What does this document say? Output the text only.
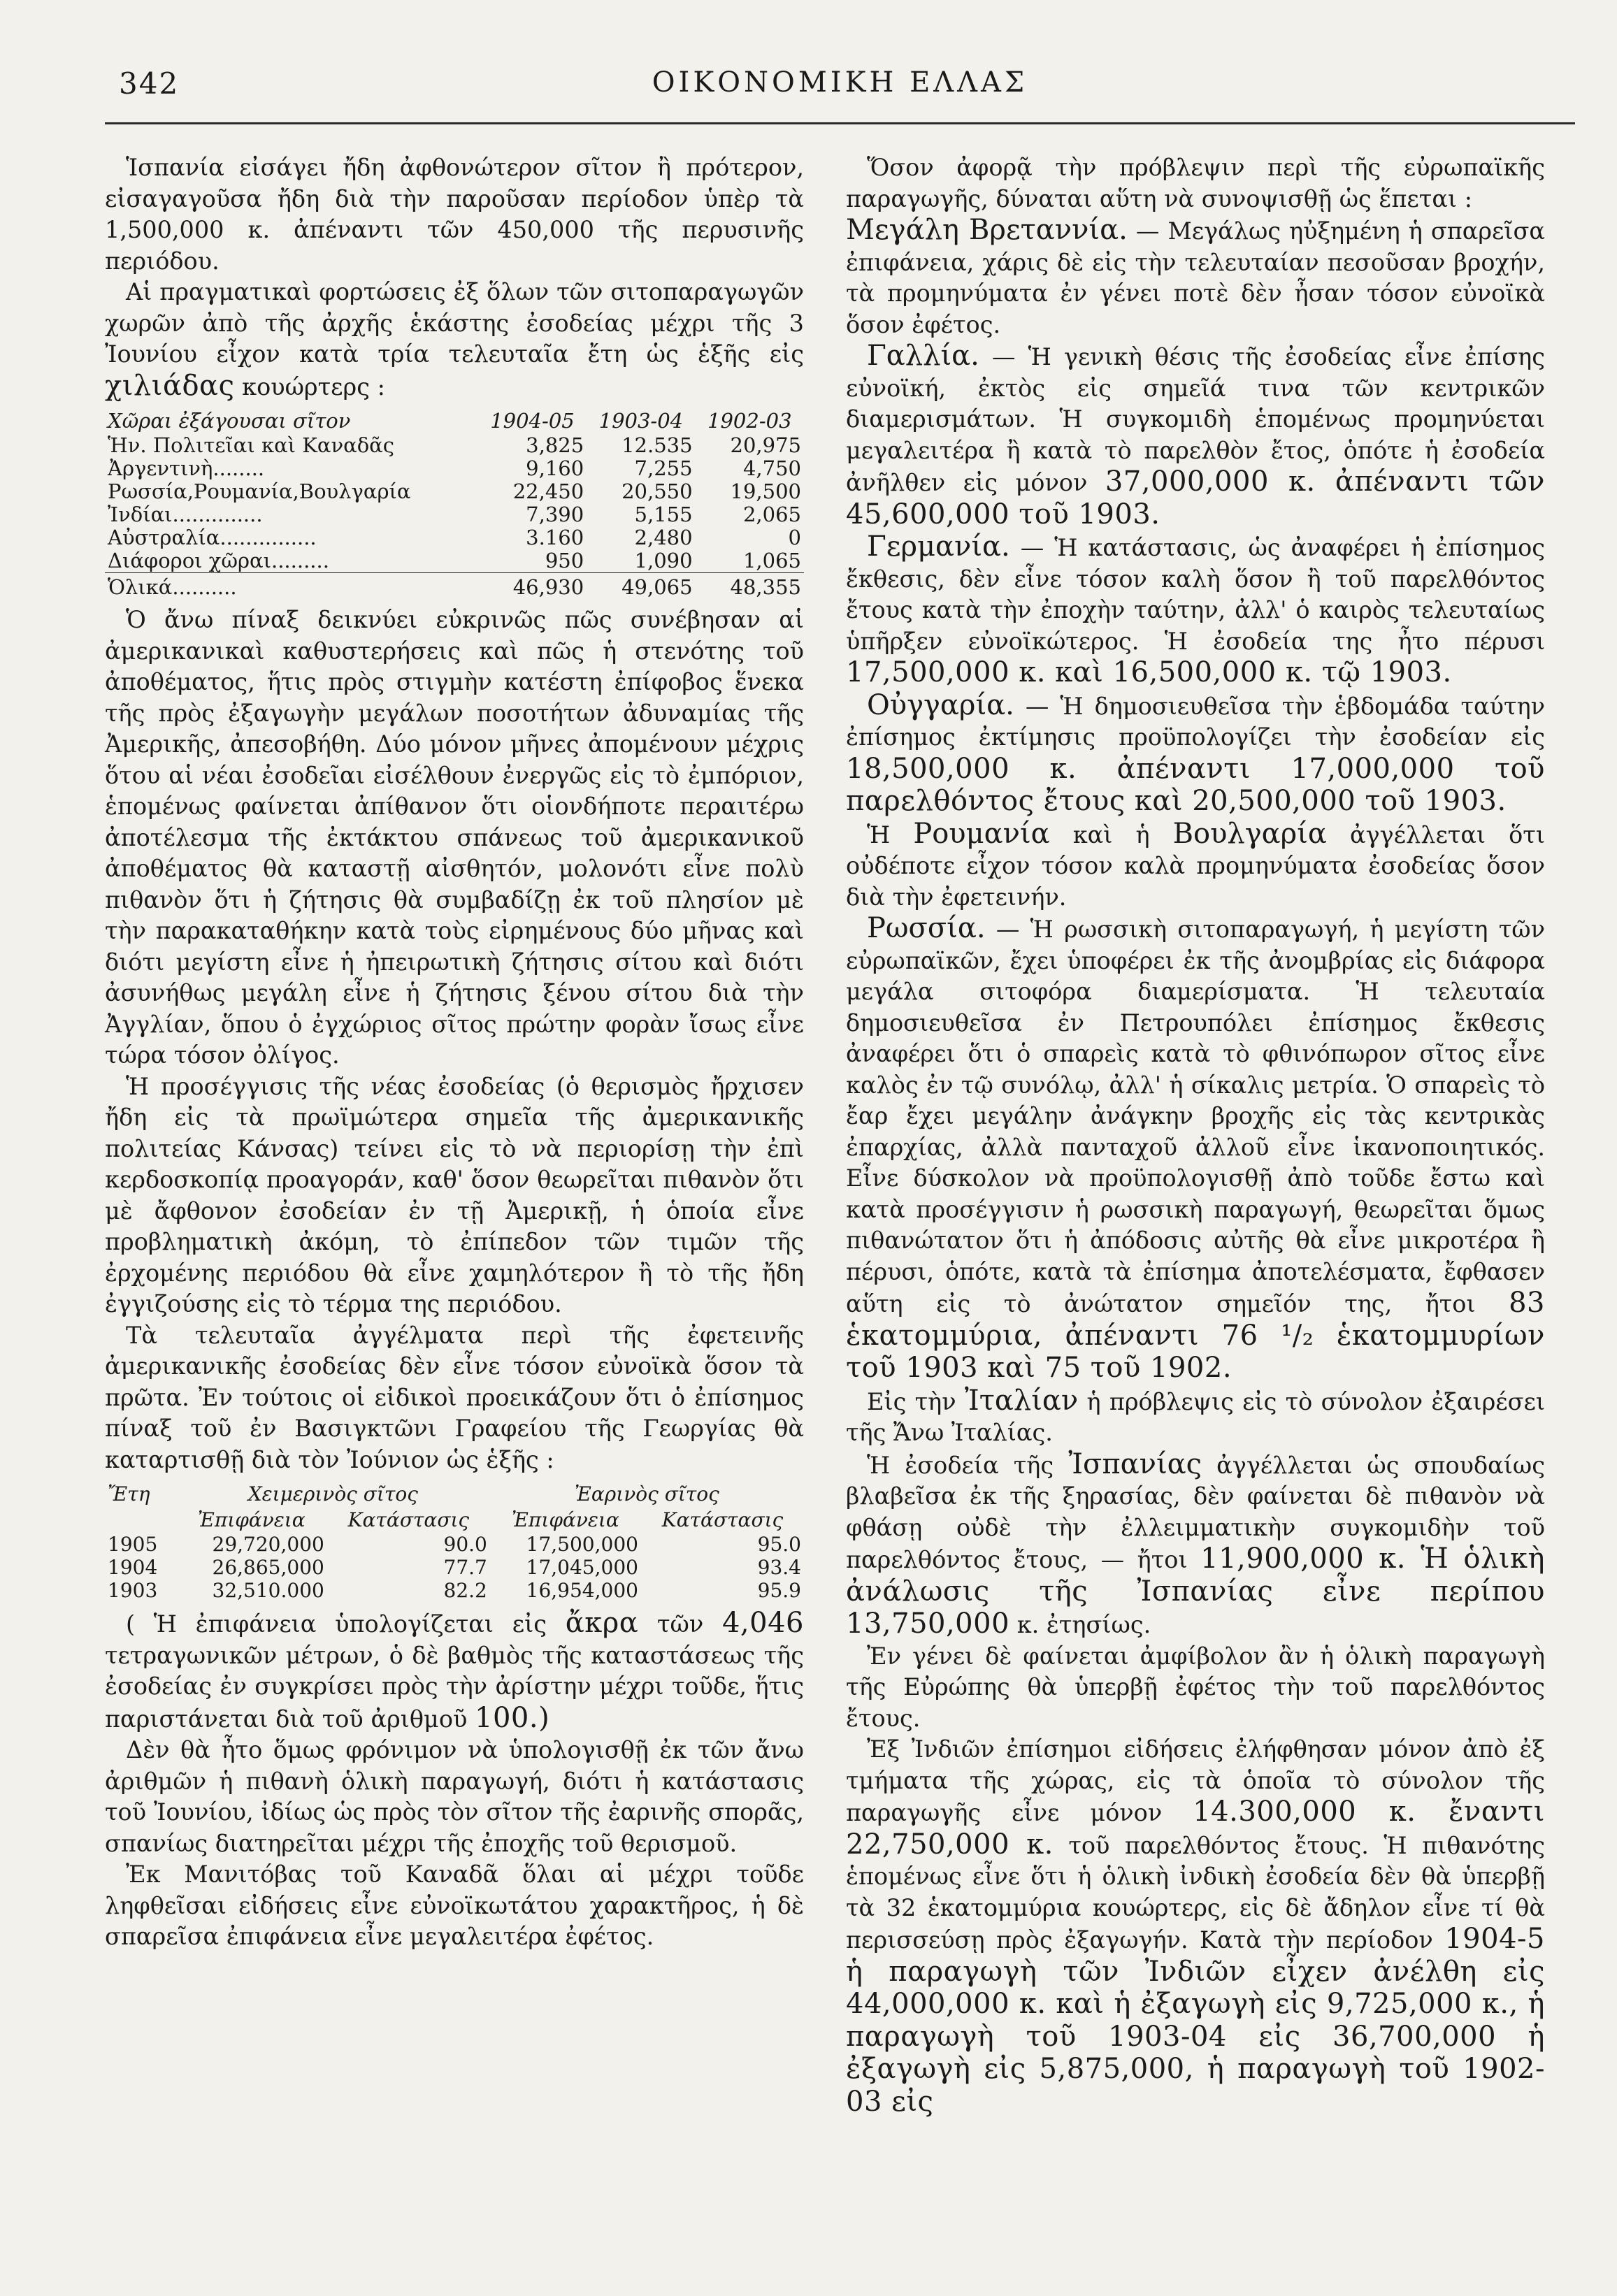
342	ΟΙΚΟΝΟΜΙΚΗ ΕΛΛΑΣ

Ἱσπανία εἰσάγει ἤδη ἀφθονώτερον σῖτον ἢ πρότερον, εἰσαγαγοῦσα ἤδη διὰ τὴν παροῦσαν περίοδον ὑπὲρ τὰ 1,500,000 κ. ἀπέναντι τῶν 450,000 τῆς περυσινῆς περιόδου.

Αἱ πραγματικαὶ φορτώσεις ἐξ ὅλων τῶν σιτοπαραγωγῶν χωρῶν ἀπὸ τῆς ἀρχῆς ἑκάστης ἐσοδείας μέχρι τῆς 3 Ἰουνίου εἶχον κατὰ τρία τελευταῖα ἔτη ὡς ἑξῆς εἰς χιλιάδας κουώρτερς :

Χῶραι ἐξάγουσαι σῖτον	1904-05	1903-04	1902-03
Ἡν. Πολιτεῖαι καὶ Καναδᾶς	3,825	12.535	20,975
Ἀργεντινὴ........	9,160	7,255	4,750
Ρωσσία,Ρουμανία,Βουλγαρία	22,450	20,550	19,500
Ἰνδίαι..............	7,390	5,155	2,065
Αὐστραλία...............	3.160	2,480	0
Διάφοροι χῶραι.........	950	1,090	1,065
Ὁλικά..........	46,930	49,065	48,355

Ὁ ἄνω πίναξ δεικνύει εὐκρινῶς πῶς συνέβησαν αἱ ἀμερικανικαὶ καθυστερήσεις καὶ πῶς ἡ στενότης τοῦ ἀποθέματος, ἥτις πρὸς στιγμὴν κατέστη ἐπίφοβος ἕνεκα τῆς πρὸς ἐξαγωγὴν μεγάλων ποσοτήτων ἀδυναμίας τῆς Ἀμερικῆς, ἀπεσοβήθη. Δύο μόνον μῆνες ἀπομένουν μέχρις ὅτου αἱ νέαι ἐσοδεῖαι εἰσέλθουν ἐνεργῶς εἰς τὸ ἐμπόριον, ἑπομένως φαίνεται ἀπίθανον ὅτι οἱονδήποτε περαιτέρω ἀποτέλεσμα τῆς ἐκτάκτου σπάνεως τοῦ ἀμερικανικοῦ ἀποθέματος θὰ καταστῇ αἰσθητόν, μολονότι εἶνε πολὺ πιθανὸν ὅτι ἡ ζήτησις θὰ συμβαδίζῃ ἐκ τοῦ πλησίον μὲ τὴν παρακαταθήκην κατὰ τοὺς εἰρημένους δύο μῆνας καὶ διότι μεγίστη εἶνε ἡ ἠπειρωτικὴ ζήτησις σίτου καὶ διότι ἀσυνήθως μεγάλη εἶνε ἡ ζήτησις ξένου σίτου διὰ τὴν Ἀγγλίαν, ὅπου ὁ ἐγχώριος σῖτος πρώτην φορὰν ἴσως εἶνε τώρα τόσον ὀλίγος.

Ἡ προσέγγισις τῆς νέας ἐσοδείας (ὁ θερισμὸς ἤρχισεν ἤδη εἰς τὰ πρωϊμώτερα σημεῖα τῆς ἀμερικανικῆς πολιτείας Κάνσας) τείνει εἰς τὸ νὰ περιορίσῃ τὴν ἐπὶ κερδοσκοπίᾳ προαγοράν, καθ' ὅσον θεωρεῖται πιθανὸν ὅτι μὲ ἄφθονον ἐσοδείαν ἐν τῇ Ἀμερικῇ, ἡ ὁποία εἶνε προβληματικὴ ἀκόμη, τὸ ἐπίπεδον τῶν τιμῶν τῆς ἐρχομένης περιόδου θὰ εἶνε χαμηλότερον ἢ τὸ τῆς ἤδη ἐγγιζούσης εἰς τὸ τέρμα της περιόδου.

Τὰ τελευταῖα ἀγγέλματα περὶ τῆς ἐφετεινῆς ἀμερικανικῆς ἐσοδείας δὲν εἶνε τόσον εὐνοϊκὰ ὅσον τὰ πρῶτα. Ἐν τούτοις οἱ εἰδικοὶ προεικάζουν ὅτι ὁ ἐπίσημος πίναξ τοῦ ἐν Βασιγκτῶνι Γραφείου τῆς Γεωργίας θὰ καταρτισθῇ διὰ τὸν Ἰούνιον ὡς ἑξῆς :

Ἔτη	Χειμερινὸς σῖτος		Ἐαρινὸς σῖτος	
	Ἐπιφάνεια	Κατάστασις	Ἐπιφάνεια	Κατάστασις
1905	29,720,000	90.0	17,500,000	95.0
1904	26,865,000	77.7	17,045,000	93.4
1903	32,510.000	82.2	16,954,000	95.9

( Ἡ ἐπιφάνεια ὑπολογίζεται εἰς ἄκρα τῶν 4,046 τετραγωνικῶν μέτρων, ὁ δὲ βαθμὸς τῆς καταστάσεως τῆς ἐσοδείας ἐν συγκρίσει πρὸς τὴν ἀρίστην μέχρι τοῦδε, ἥτις παριστάνεται διὰ τοῦ ἀριθμοῦ 100.)

Δὲν θὰ ἦτο ὅμως φρόνιμον νὰ ὑπολογισθῇ ἐκ τῶν ἄνω ἀριθμῶν ἡ πιθανὴ ὁλικὴ παραγωγή, διότι ἡ κατάστασις τοῦ Ἰουνίου, ἰδίως ὡς πρὸς τὸν σῖτον τῆς ἐαρινῆς σπορᾶς, σπανίως διατηρεῖται μέχρι τῆς ἐποχῆς τοῦ θερισμοῦ.

Ἐκ Μανιτόβας τοῦ Καναδᾶ ὅλαι αἱ μέχρι τοῦδε ληφθεῖσαι εἰδήσεις εἶνε εὐνοϊκωτάτου χαρακτῆρος, ἡ δὲ σπαρεῖσα ἐπιφάνεια εἶνε μεγαλειτέρα ἐφέτος.

Ὅσον ἀφορᾷ τὴν πρόβλεψιν περὶ τῆς εὐρωπαϊκῆς παραγωγῆς, δύναται αὕτη νὰ συνοψισθῇ ὡς ἕπεται :

Μεγάλη Βρεταννία. — Μεγάλως ηὐξημένη ἡ σπαρεῖσα ἐπιφάνεια, χάρις δὲ εἰς τὴν τελευταίαν πεσοῦσαν βροχήν, τὰ προμηνύματα ἐν γένει ποτὲ δὲν ἦσαν τόσον εὐνοϊκὰ ὅσον ἐφέτος.

Γαλλία. — Ἡ γενικὴ θέσις τῆς ἐσοδείας εἶνε ἐπίσης εὐνοϊκή, ἐκτὸς εἰς σημεῖά τινα τῶν κεντρικῶν διαμερισμάτων. Ἡ συγκομιδὴ ἑπομένως προμηνύεται μεγαλειτέρα ἢ κατὰ τὸ παρελθὸν ἔτος, ὁπότε ἡ ἐσοδεία ἀνῆλθεν εἰς μόνον 37,000,000 κ. ἀπέναντι τῶν 45,600,000 τοῦ 1903.

Γερμανία. — Ἡ κατάστασις, ὡς ἀναφέρει ἡ ἐπίσημος ἔκθεσις, δὲν εἶνε τόσον καλὴ ὅσον ἢ τοῦ παρελθόντος ἔτους κατὰ τὴν ἐποχὴν ταύτην, ἀλλ' ὁ καιρὸς τελευταίως ὑπῆρξεν εὐνοϊκώτερος. Ἡ ἐσοδεία της ἦτο πέρυσι 17,500,000 κ. καὶ 16,500,000 κ. τῷ 1903.

Οὐγγαρία. — Ἡ δημοσιευθεῖσα τὴν ἑβδομάδα ταύτην ἐπίσημος ἐκτίμησις προϋπολογίζει τὴν ἐσοδείαν εἰς 18,500,000 κ. ἀπέναντι 17,000,000 τοῦ παρελθόντος ἔτους καὶ 20,500,000 τοῦ 1903.

Ἡ Ρουμανία καὶ ἡ Βουλγαρία ἀγγέλλεται ὅτι οὐδέποτε εἶχον τόσον καλὰ προμηνύματα ἐσοδείας ὅσον διὰ τὴν ἐφετεινήν.

Ρωσσία. — Ἡ ρωσσικὴ σιτοπαραγωγή, ἡ μεγίστη τῶν εὐρωπαϊκῶν, ἔχει ὑποφέρει ἐκ τῆς ἀνομβρίας εἰς διάφορα μεγάλα σιτοφόρα διαμερίσματα. Ἡ τελευταία δημοσιευθεῖσα ἐν Πετρουπόλει ἐπίσημος ἔκθεσις ἀναφέρει ὅτι ὁ σπαρεὶς κατὰ τὸ φθινόπωρον σῖτος εἶνε καλὸς ἐν τῷ συνόλῳ, ἀλλ' ἡ σίκαλις μετρία. Ὁ σπαρεὶς τὸ ἔαρ ἔχει μεγάλην ἀνάγκην βροχῆς εἰς τὰς κεντρικὰς ἐπαρχίας, ἀλλὰ πανταχοῦ ἀλλοῦ εἶνε ἱκανοποιητικός. Εἶνε δύσκολον νὰ προϋπολογισθῇ ἀπὸ τοῦδε ἔστω καὶ κατὰ προσέγγισιν ἡ ρωσσικὴ παραγωγή, θεωρεῖται ὅμως πιθανώτατον ὅτι ἡ ἀπόδοσις αὐτῆς θὰ εἶνε μικροτέρα ἢ πέρυσι, ὁπότε, κατὰ τὰ ἐπίσημα ἀποτελέσματα, ἔφθασεν αὕτη εἰς τὸ ἀνώτατον σημεῖόν της, ἤτοι 83 ἑκατομμύρια, ἀπέναντι 76 ¹/₂ ἑκατομμυρίων τοῦ 1903 καὶ 75 τοῦ 1902.

Εἰς τὴν Ἰταλίαν ἡ πρόβλεψις εἰς τὸ σύνολον ἐξαιρέσει τῆς Ἄνω Ἰταλίας.

Ἡ ἐσοδεία τῆς Ἰσπανίας ἀγγέλλεται ὡς σπουδαίως βλαβεῖσα ἐκ τῆς ξηρασίας, δὲν φαίνεται δὲ πιθανὸν νὰ φθάσῃ οὐδὲ τὴν ἐλλειμματικὴν συγκομιδὴν τοῦ παρελθόντος ἔτους, — ἤτοι 11,900,000 κ. Ἡ ὁλικὴ ἀνάλωσις τῆς Ἰσπανίας εἶνε περίπου 13,750,000 κ. ἐτησίως.

Ἐν γένει δὲ φαίνεται ἀμφίβολον ἂν ἡ ὁλικὴ παραγωγὴ τῆς Εὐρώπης θὰ ὑπερβῇ ἐφέτος τὴν τοῦ παρελθόντος ἔτους.

Ἐξ Ἰνδιῶν ἐπίσημοι εἰδήσεις ἐλήφθησαν μόνον ἀπὸ ἐξ τμήματα τῆς χώρας, εἰς τὰ ὁποῖα τὸ σύνολον τῆς παραγωγῆς εἶνε μόνον 14.300,000 κ. ἔναντι 22,750,000 κ. τοῦ παρελθόντος ἔτους. Ἡ πιθανότης ἑπομένως εἶνε ὅτι ἡ ὁλικὴ ἰνδικὴ ἐσοδεία δὲν θὰ ὑπερβῇ τὰ 32 ἑκατομμύρια κουώρτερς, εἰς δὲ ἄδηλον εἶνε τί θὰ περισσεύσῃ πρὸς ἐξαγωγήν. Κατὰ τὴν περίοδον 1904-5 ἡ παραγωγὴ τῶν Ἰνδιῶν εἶχεν ἀνέλθη εἰς 44,000,000 κ. καὶ ἡ ἐξαγωγὴ εἰς 9,725,000 κ., ἡ παραγωγὴ τοῦ 1903-04 εἰς 36,700,000 ἡ ἐξαγωγὴ εἰς 5,875,000, ἡ παραγωγὴ τοῦ 1902-03 εἰς
